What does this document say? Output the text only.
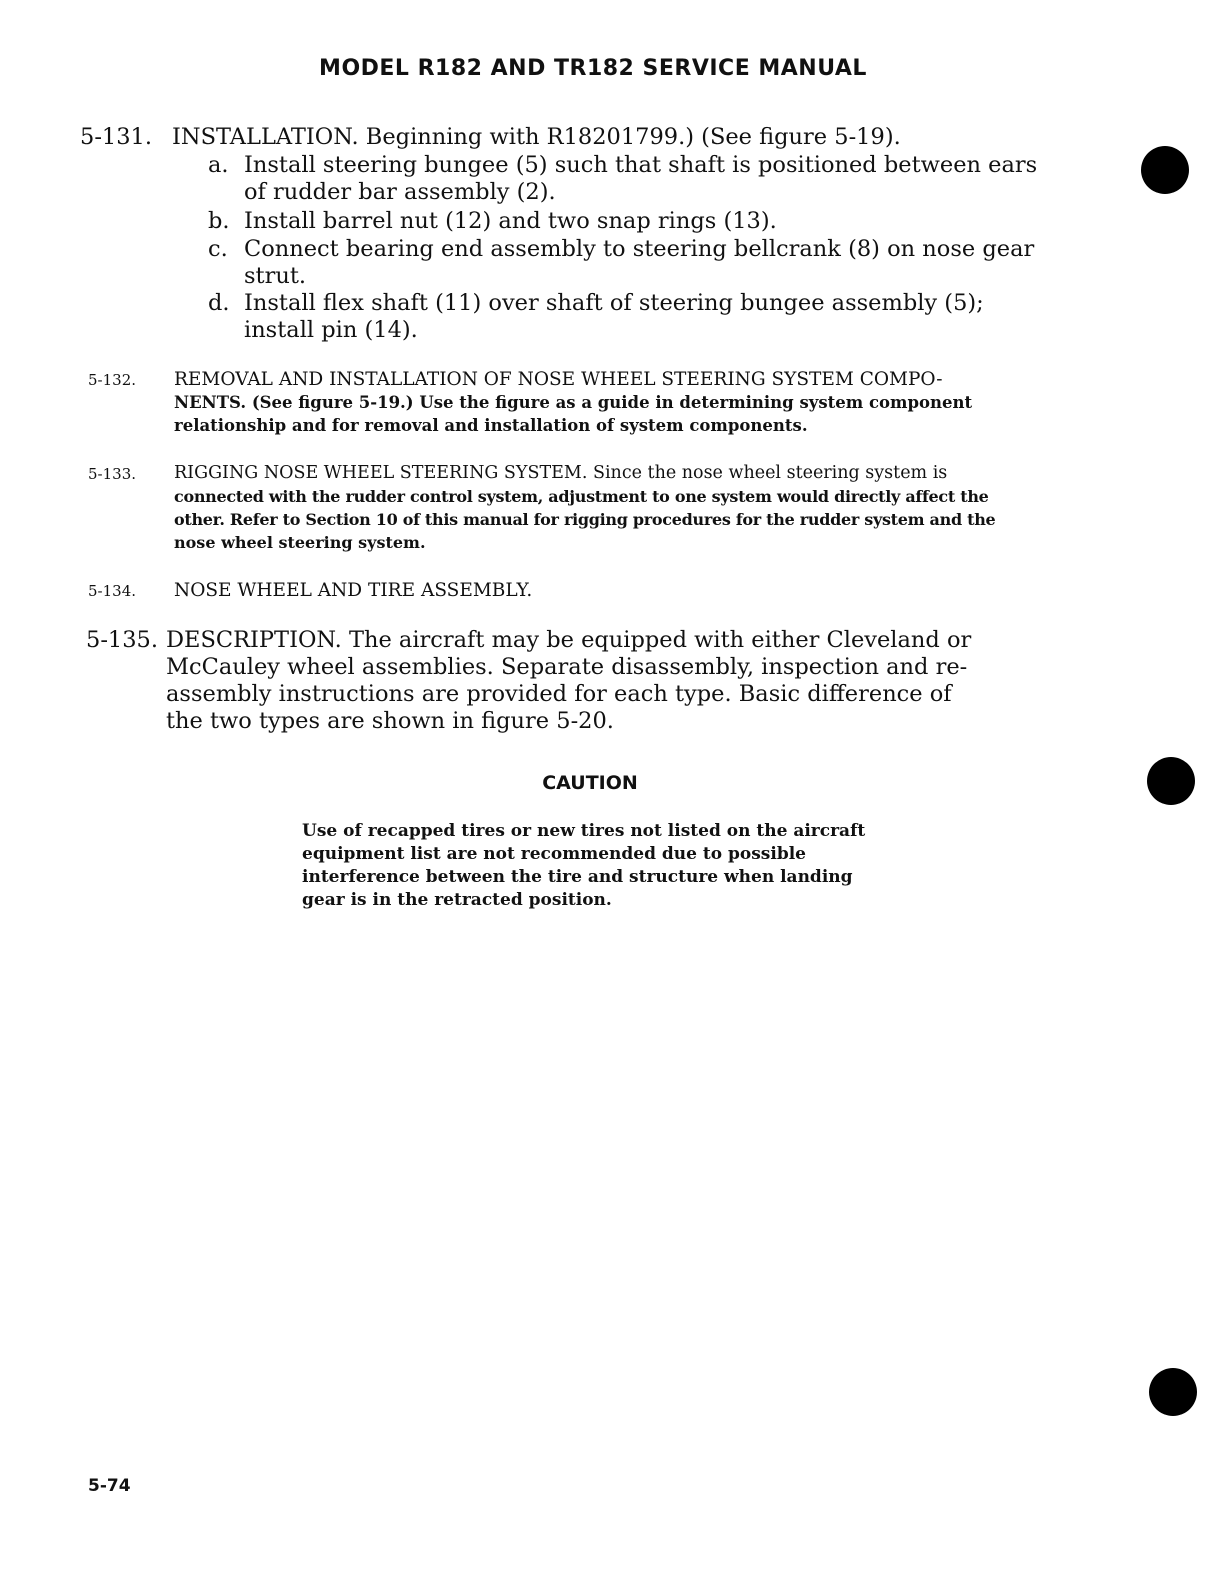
MODEL R182 AND TR182 SERVICE MANUAL
5-131. INSTALLATION. Beginning with R18201799.) (See figure 5-19).
a. Install steering bungee (5) such that shaft is positioned between ears
of rudder bar assembly (2).
b. Install barrel nut (12) and two snap rings (13).
c. Connect bearing end assembly to steering bellcrank (8) on nose gear
strut.
d. Install flex shaft (11) over shaft of steering bungee assembly (5);
install pin (14).
5-132. REMOVAL AND INSTALLATION OF NOSE WHEEL STEERING SYSTEM COMPO-
NENTS. (See figure 5-19.) Use the figure as a guide in determining system component
relationship and for removal and installation of system components.
5-133. RIGGING NOSE WHEEL STEERING SYSTEM. Since the nose wheel steering system is
connected with the rudder control system, adjustment to one system would directly affect the
other. Refer to Section 10 of this manual for rigging procedures for the rudder system and the
nose wheel steering system.
5-134. NOSE WHEEL AND TIRE ASSEMBLY.
5-135. DESCRIPTION. The aircraft may be equipped with either Cleveland or
McCauley wheel assemblies. Separate disassembly, inspection and re-
assembly instructions are provided for each type. Basic difference of
the two types are shown in figure 5-20.
CAUTION
Use of recapped tires or new tires not listed on the aircraft
equipment list are not recommended due to possible
interference between the tire and structure when landing
gear is in the retracted position.
5-74
